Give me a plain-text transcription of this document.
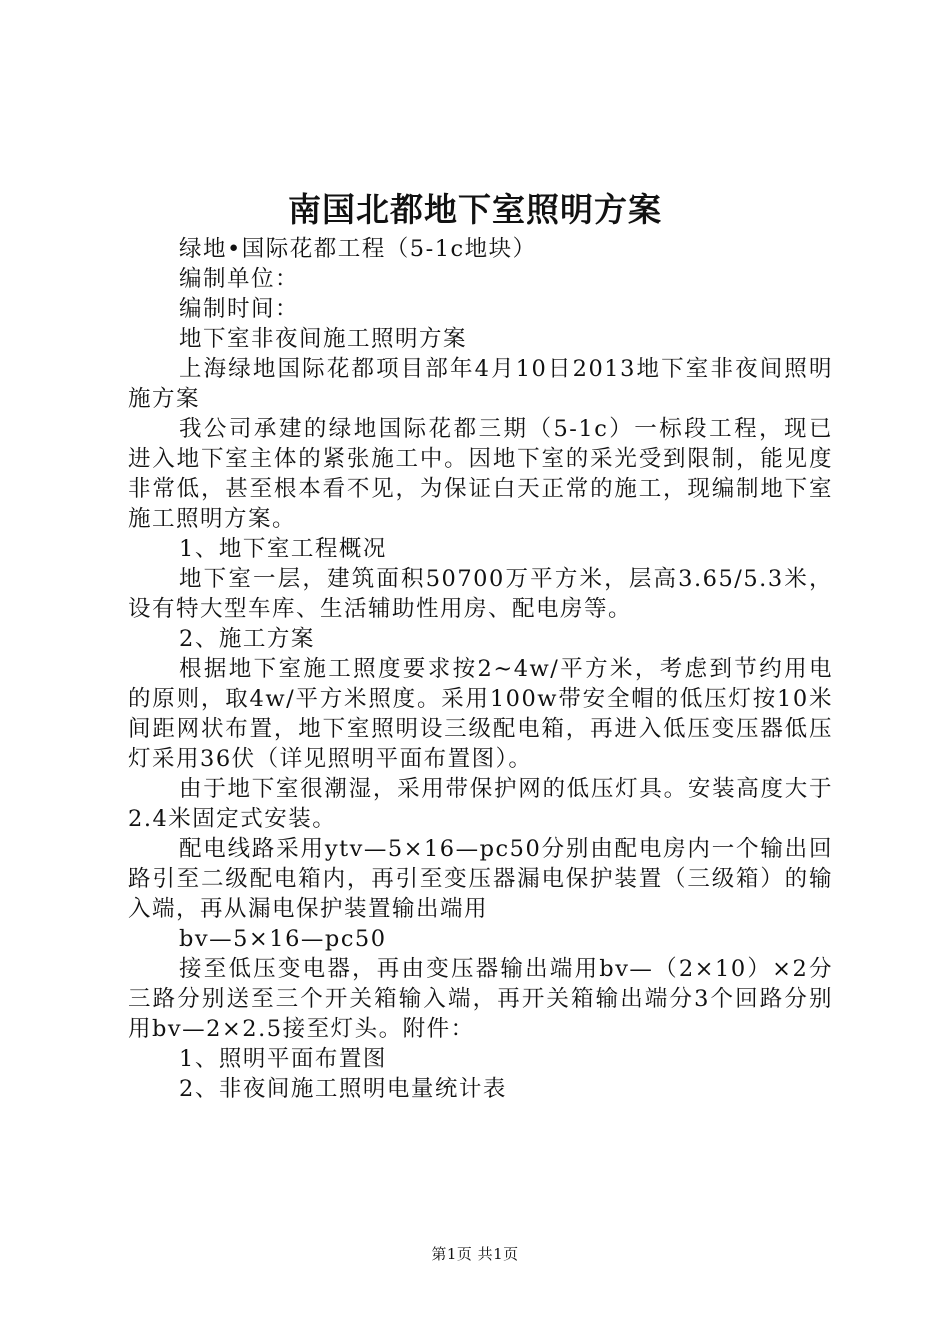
南国北都地下室照明方案

绿地•国际花都工程（5-1c地块）

编制单位：

编制时间：

地下室非夜间施工照明方案

上海绿地国际花都项目部年4月10日2013地下室非夜间照明施方案

我公司承建的绿地国际花都三期（5-1c）一标段工程，现已进入地下室主体的紧张施工中。因地下室的采光受到限制，能见度非常低，甚至根本看不见，为保证白天正常的施工，现编制地下室施工照明方案。

1、地下室工程概况

地下室一层，建筑面积50700万平方米，层高3.65/5.3米，设有特大型车库、生活辅助性用房、配电房等。

2、施工方案

根据地下室施工照度要求按2~4w/平方米，考虑到节约用电的原则，取4w/平方米照度。采用100w带安全帽的低压灯按10米间距网状布置，地下室照明设三级配电箱，再进入低压变压器低压灯采用36伏（详见照明平面布置图）。

由于地下室很潮湿，采用带保护网的低压灯具。安装高度大于2.4米固定式安装。

配电线路采用ytv—5×16—pc50分别由配电房内一个输出回路引至二级配电箱内，再引至变压器漏电保护装置（三级箱）的输入端，再从漏电保护装置输出端用

bv—5×16—pc50

接至低压变电器，再由变压器输出端用bv—（2×10）×2分三路分别送至三个开关箱输入端，再开关箱输出端分3个回路分别用bv—2×2.5接至灯头。附件：

1、照明平面布置图

2、非夜间施工照明电量统计表

第1页 共1页
